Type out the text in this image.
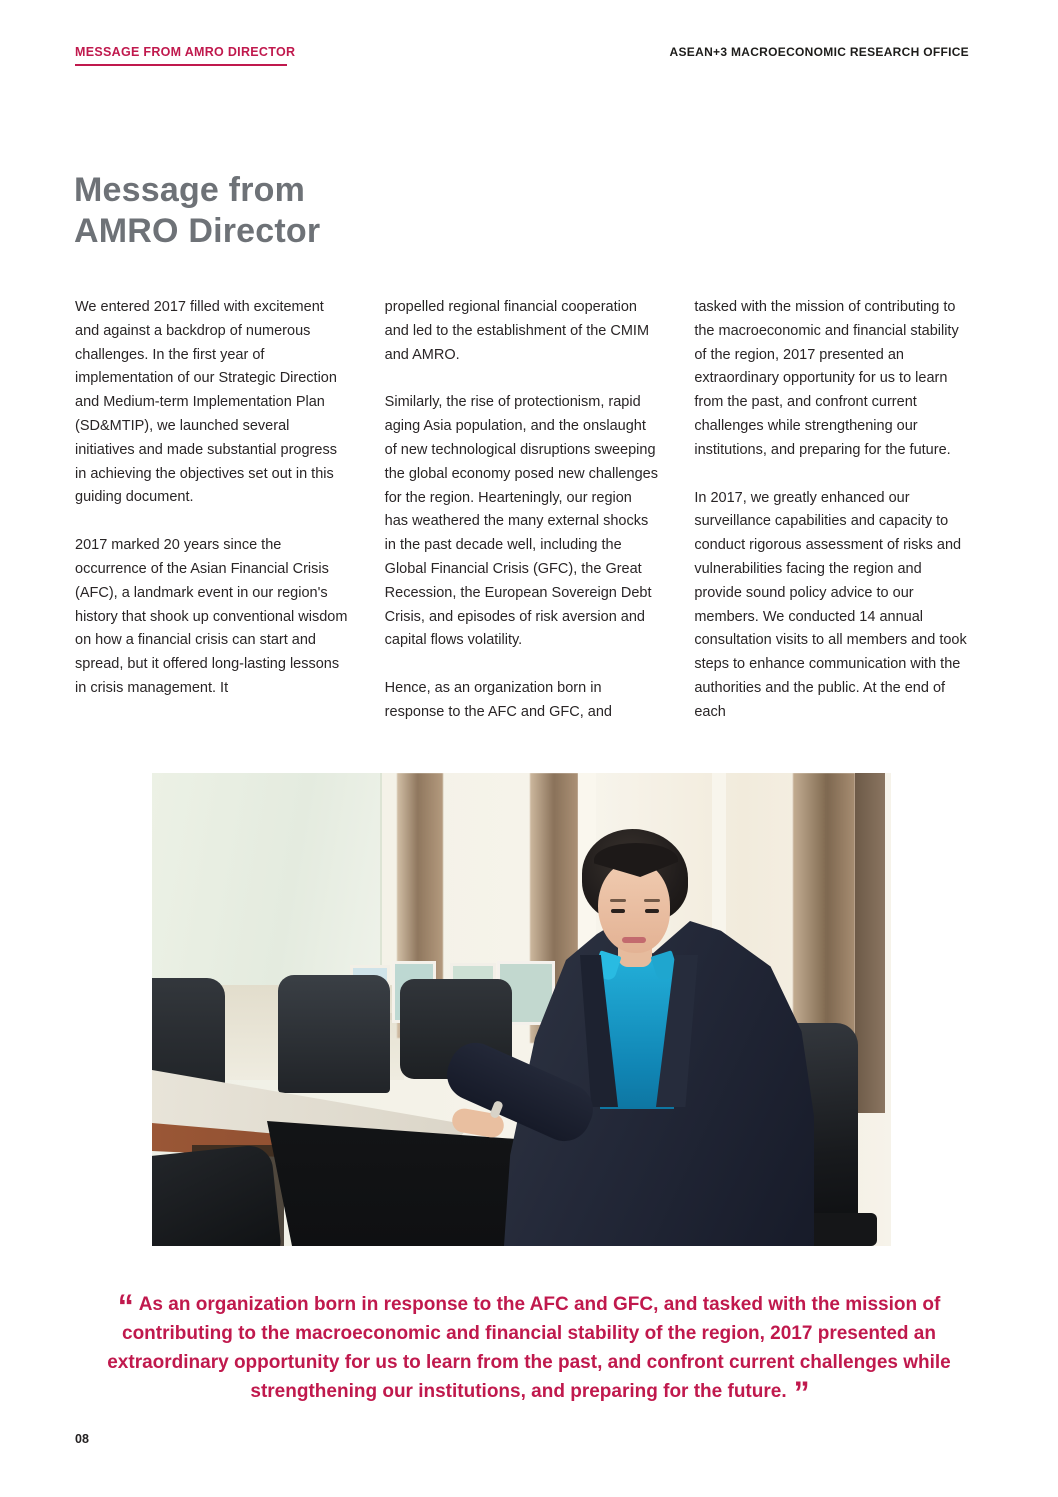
MESSAGE FROM AMRO DIRECTOR	ASEAN+3 MACROECONOMIC RESEARCH OFFICE
Message from
AMRO Director

We entered 2017 filled with excitement and against a backdrop of numerous challenges. In the first year of implementation of our Strategic Direction and Medium-term Implementation Plan (SD&MTIP), we launched several initiatives and made substantial progress in achieving the objectives set out in this guiding document.

2017 marked 20 years since the occurrence of the Asian Financial Crisis (AFC), a landmark event in our region's history that shook up conventional wisdom on how a financial crisis can start and spread, but it offered long-lasting lessons in crisis management. It

propelled regional financial cooperation and led to the establishment of the CMIM and AMRO.

Similarly, the rise of protectionism, rapid aging Asia population, and the onslaught of new technological disruptions sweeping the global economy posed new challenges for the region. Hearteningly, our region has weathered the many external shocks in the past decade well, including the Global Financial Crisis (GFC), the Great Recession, the European Sovereign Debt Crisis, and episodes of risk aversion and capital flows volatility.

Hence, as an organization born in response to the AFC and GFC, and

tasked with the mission of contributing to the macroeconomic and financial stability of the region, 2017 presented an extraordinary opportunity for us to learn from the past, and confront current challenges while strengthening our institutions, and preparing for the future.

In 2017, we greatly enhanced our surveillance capabilities and capacity to conduct rigorous assessment of risks and vulnerabilities facing the region and provide sound policy advice to our members. We conducted 14 annual consultation visits to all members and took steps to enhance communication with the authorities and the public. At the end of each

“ As an organization born in response to the AFC and GFC, and tasked with the mission of contributing to the macroeconomic and financial stability of the region, 2017 presented an extraordinary opportunity for us to learn from the past, and confront current challenges while strengthening our institutions, and preparing for the future. ”
08
